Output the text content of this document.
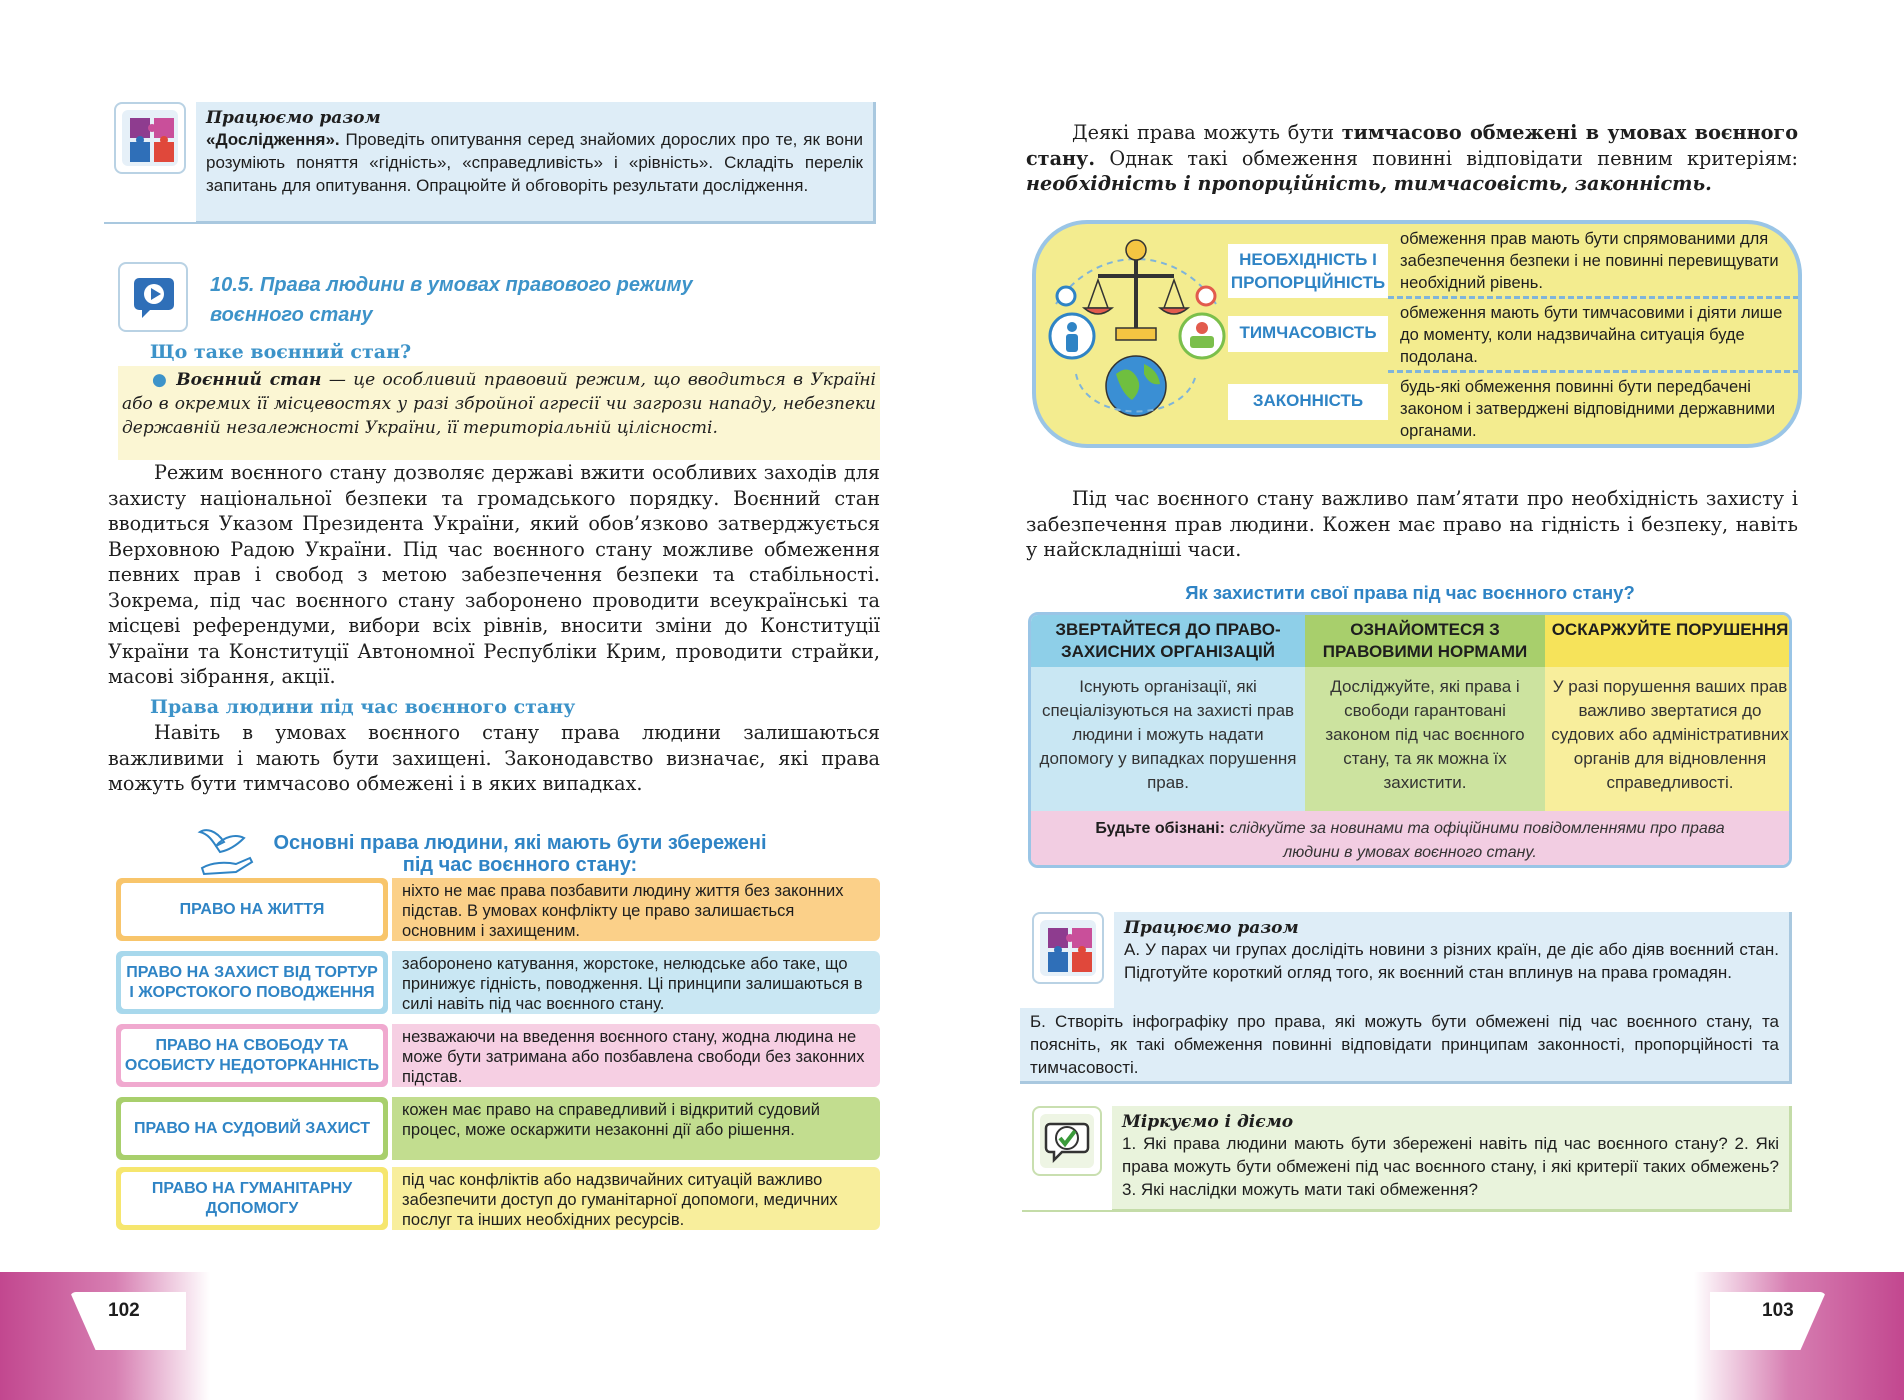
Працюємо разом
«Дослідження». Проведіть опитування серед знайомих дорослих про те, як вони розуміють поняття «гідність», «справедливість» і «рівність». Складіть перелік запитань для опитування. Опрацюйте й обговоріть результати дослідження.
10.5. Права людини в умовах правового режиму
воєнного стану
Що таке воєнний стан?
● Воєнний стан — це особливий правовий режим, що вводиться в Україні або в окремих її місцевостях у разі збройної агресії чи загрози нападу, небезпеки державній незалежності України, її територіальній цілісності.
Режим воєнного стану дозволяє державі вжити особливих заходів для захисту національної безпеки та громадського порядку. Воєнний стан вводиться Указом Президента України, який обов’язково затверджується Верховною Радою України. Під час воєнного стану можливе обмеження певних прав і свобод з метою забезпечення безпеки та стабільності. Зокрема, під час воєнного стану заборонено проводити всеукраїнські та місцеві референдуми, вибори всіх рівнів, вносити зміни до Конституції України та Конституції Автономної Республіки Крим, проводити страйки, масові зібрання, акції.
Права людини під час воєнного стану
Навіть в умовах воєнного стану права людини залишаються важливими і мають бути захищені. Законодавство визначає, які права можуть бути тимчасово обмежені і в яких випадках.
Основні права людини, які мають бути збережені
під час воєнного стану:
ПРАВО НА ЖИТТЯ
ніхто не має права позбавити людину життя без законних підстав. В умовах конфлікту це право залишається основним і захищеним.
ПРАВО НА ЗАХИСТ ВІД ТОРТУР І ЖОРСТОКОГО ПОВОДЖЕННЯ
заборонено катування, жорстоке, нелюдське або таке, що принижує гідність, поводження. Ці принципи залишаються в силі навіть під час воєнного стану.
ПРАВО НА СВОБОДУ ТА ОСОБИСТУ НЕДОТОРКАННІСТЬ
незважаючи на введення воєнного стану, жодна людина не може бути затримана або позбавлена свободи без законних підстав.
ПРАВО НА СУДОВИЙ ЗАХИСТ
кожен має право на справедливий і відкритий судовий процес, може оскаржити незаконні дії або рішення.
ПРАВО НА ГУМАНІТАРНУ ДОПОМОГУ
під час конфліктів або надзвичайних ситуацій важливо забезпечити доступ до гуманітарної допомоги, медичних послуг та інших необхідних ресурсів.
102
Деякі права можуть бути тимчасово обмежені в умовах воєнного стану. Однак такі обмеження повинні відповідати певним критеріям: необхідність і пропорційність, тимчасовість, законність.
НЕОБХІДНІСТЬ І ПРОПОРЦІЙНІСТЬ
обмеження прав мають бути спрямованими для забезпечення безпеки і не повинні перевищувати необхідний рівень.
ТИМЧАСОВІСТЬ
обмеження мають бути тимчасовими і діяти лише до моменту, коли надзвичайна ситуація буде подолана.
ЗАКОННІСТЬ
будь-які обмеження повинні бути передбачені законом і затверджені відповідними державними органами.
Під час воєнного стану важливо пам’ятати про необхідність захисту і забезпечення прав людини. Кожен має право на гідність і безпеку, навіть у найскладніші часи.
Як захистити свої права під час воєнного стану?
ЗВЕРТАЙТЕСЯ ДО ПРАВО-ЗАХИСНИХ ОРГАНІЗАЦІЙ
Існують організації, які спеціалізуються на захисті прав людини і можуть надати допомогу у випадках порушення прав.
ОЗНАЙОМТЕСЯ З ПРАВОВИМИ НОРМАМИ
Досліджуйте, які права і свободи гарантовані законом під час воєнного стану, та як можна їх захистити.
ОСКАРЖУЙТЕ ПОРУШЕННЯ
У разі порушення ваших прав важливо звертатися до судових або адміністративних органів для відновлення справедливості.
Будьте обізнані: слідкуйте за новинами та офіційними повідомленнями про права людини в умовах воєнного стану.
Працюємо разом
А. У парах чи групах дослідіть новини з різних країн, де діє або діяв воєнний стан. Підготуйте короткий огляд того, як воєнний стан вплинув на права громадян.
Б. Створіть інфографіку про права, які можуть бути обмежені під час воєнного стану, та поясніть, як такі обмеження повинні відповідати принципам законності, пропорційності та тимчасовості.
Міркуємо і діємо
1. Які права людини мають бути збережені навіть під час воєнного стану? 2. Які права можуть бути обмежені під час воєнного стану, і які критерії таких обмежень? 3. Які наслідки можуть мати такі обмеження?
103
